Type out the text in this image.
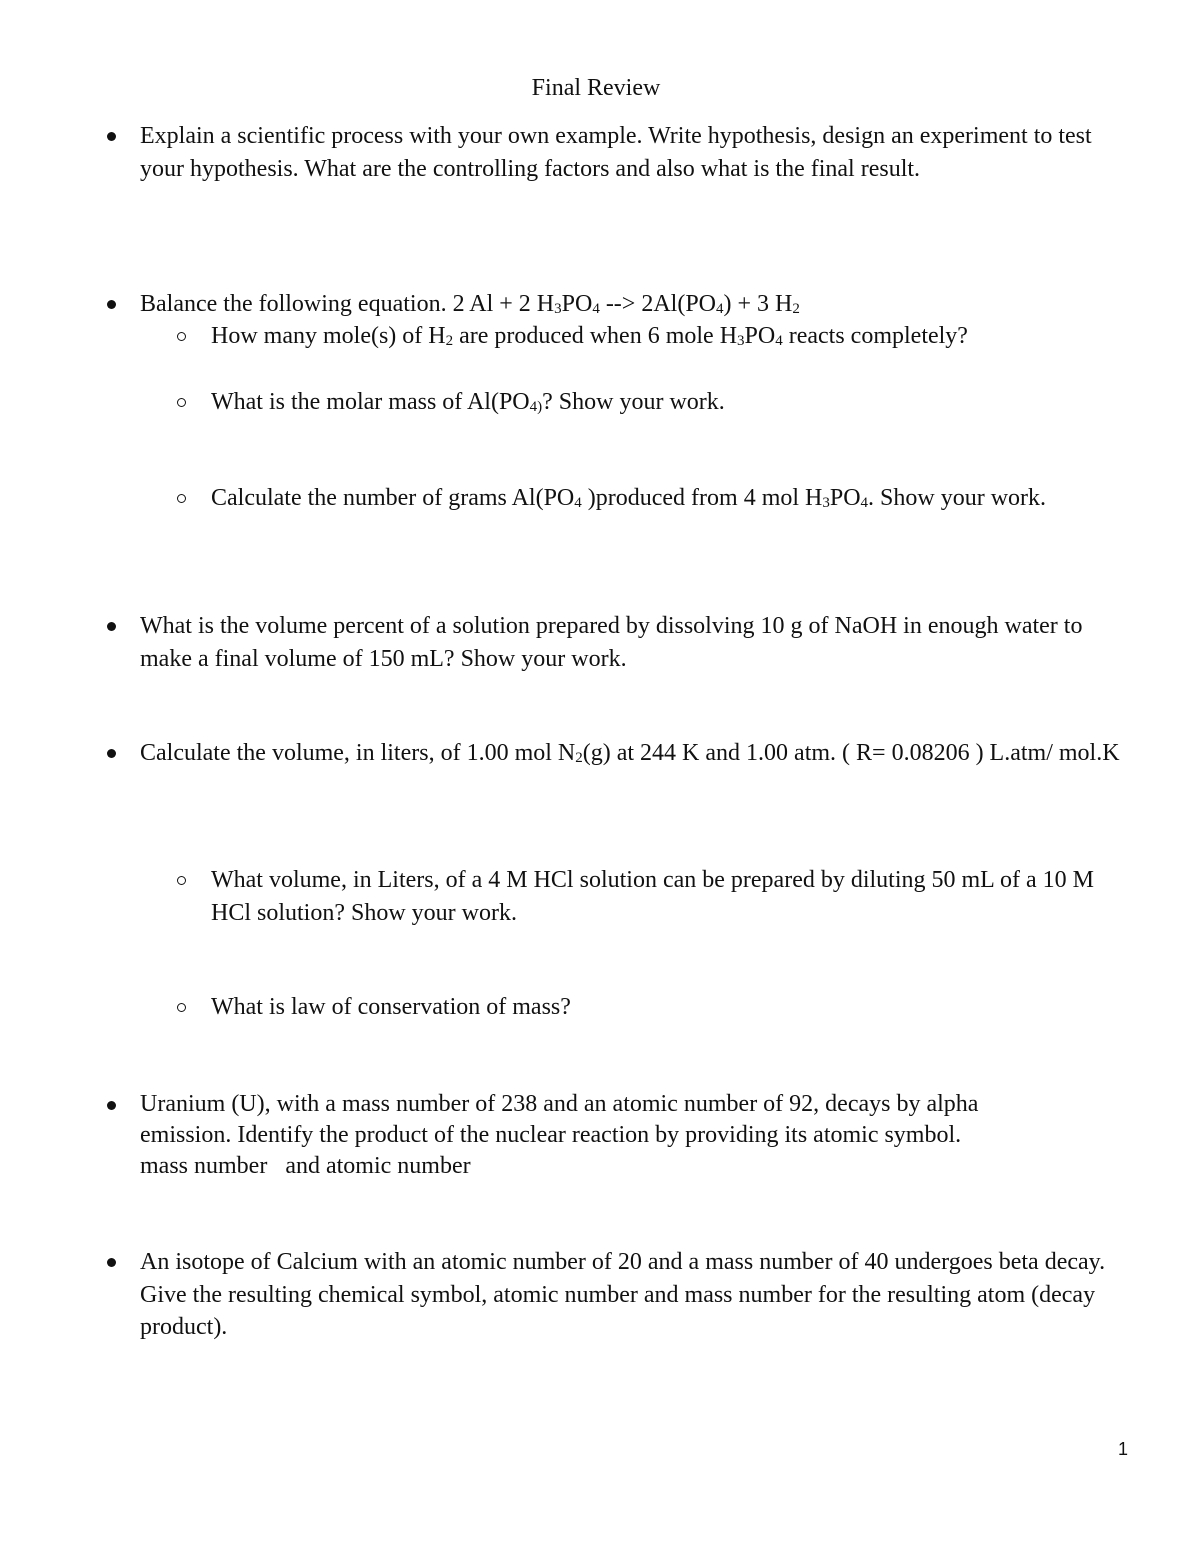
Final Review
Explain a scientific process with your own example. Write hypothesis, design an experiment to test your hypothesis. What are the controlling factors and also what is the final result.
Balance the following equation. 2 Al + 2 $H_3PO_4$ --> $2Al(PO_4) + 3$ $H_2$
How many mole(s) of $H_2$ are produced when 6 mole $H_3PO_4$ reacts completely?
What is the molar mass of $Al(PO_{4)}$? Show your work.
Calculate the number of grams $Al(PO_4$ )produced from 4 mol $H_3PO_4$. Show your work.
What is the volume percent of a solution prepared by dissolving 10 g of NaOH in enough water to make a final volume of 150 mL? Show your work.
Calculate the volume, in liters, of 1.00 mol $N_2(g)$ at 244 K and 1.00 atm. ( R= 0.08206 ) L.atm/ mol.K
What volume, in Liters, of a 4 M HCl solution can be prepared by diluting 50 mL of a 10 M HCl solution? Show your work.
What is law of conservation of mass?
Uranium (U), with a mass number of 238 and an atomic number of 92, decays by alpha
emission. Identify the product of the nuclear reaction by providing its atomic symbol.
mass number   and atomic number
An isotope of Calcium with an atomic number of 20 and a mass number of 40 undergoes beta decay. Give the resulting chemical symbol, atomic number and mass number for the resulting atom (decay product).
1
